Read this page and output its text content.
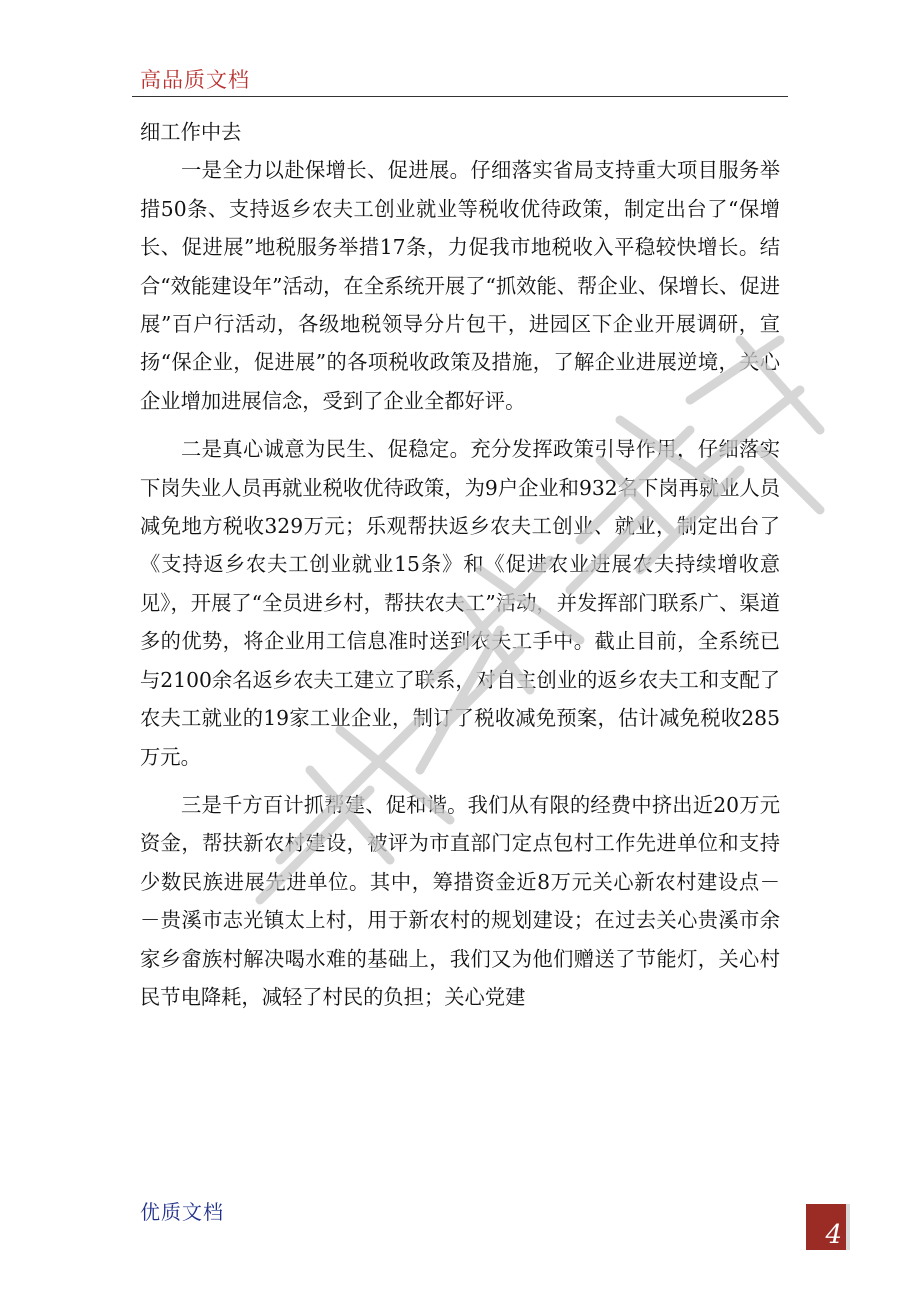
高品质文档

细工作中去

一是全力以赴保增长、促进展。仔细落实省局支持重大项目服务举措50条、支持返乡农夫工创业就业等税收优待政策，制定出台了“保增长、促进展”地税服务举措17条，力促我市地税收入平稳较快增长。结合“效能建设年”活动，在全系统开展了“抓效能、帮企业、保增长、促进展”百户行活动，各级地税领导分片包干，进园区下企业开展调研，宣扬“保企业，促进展”的各项税收政策及措施，了解企业进展逆境，关心企业增加进展信念，受到了企业全都好评。

二是真心诚意为民生、促稳定。充分发挥政策引导作用，仔细落实下岗失业人员再就业税收优待政策，为9户企业和932名下岗再就业人员减免地方税收329万元；乐观帮扶返乡农夫工创业、就业，制定出台了《支持返乡农夫工创业就业15条》和《促进农业进展农夫持续增收意见》，开展了“全员进乡村，帮扶农夫工”活动，并发挥部门联系广、渠道多的优势，将企业用工信息准时送到农夫工手中。截止目前，全系统已与2100余名返乡农夫工建立了联系，对自主创业的返乡农夫工和支配了农夫工就业的19家工业企业，制订了税收减免预案，估计减免税收285万元。

三是千方百计抓帮建、促和谐。我们从有限的经费中挤出近20万元资金，帮扶新农村建设，被评为市直部门定点包村工作先进单位和支持少数民族进展先进单位。其中，筹措资金近8万元关心新农村建设点－－贵溪市志光镇太上村，用于新农村的规划建设；在过去关心贵溪市余家乡畲族村解决喝水难的基础上，我们又为他们赠送了节能灯，关心村民节电降耗，减轻了村民的负担；关心党建

优质文档
4
